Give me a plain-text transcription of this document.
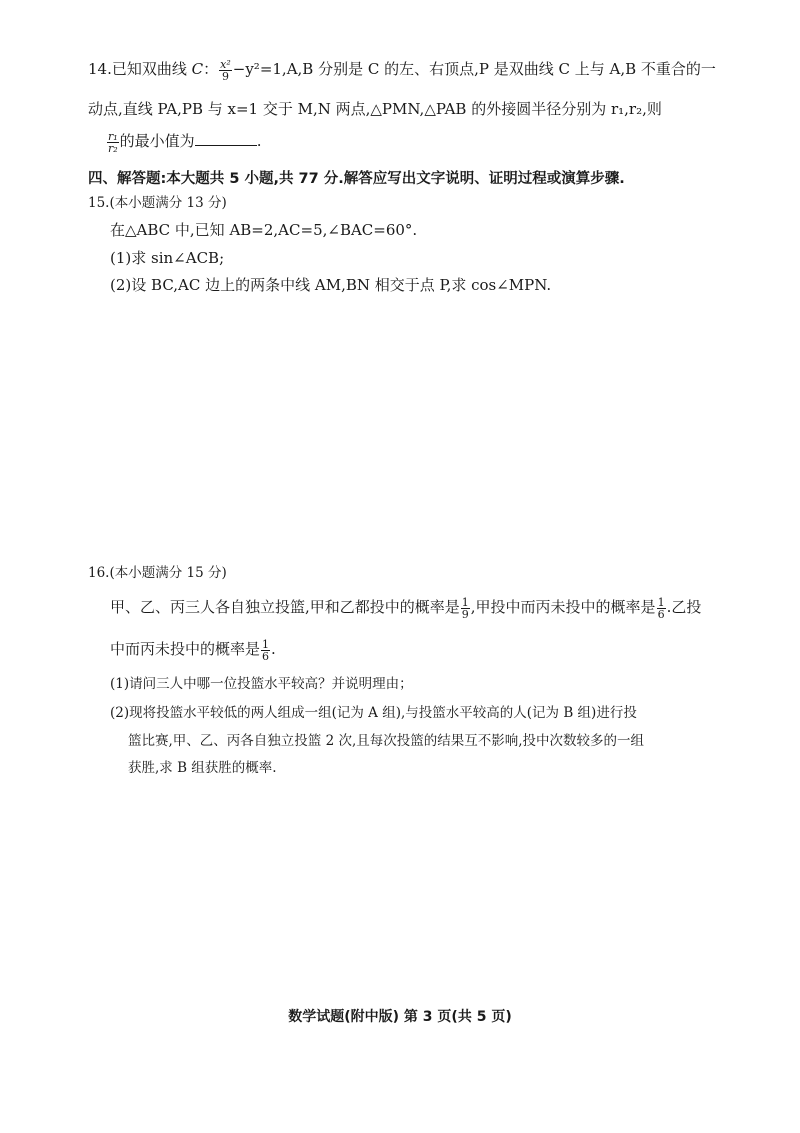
14.已知双曲线 C： $\frac{\text{x²}}{9} -y^2=1,A,B$ 分别是 C 的左、右顶点,P 是双曲线 C 上与 A,B 不重合的一
动点,直线 PA,PB 与 x=1 交于 M,N 两点,△PMN,△PAB 的外接圆半径分别为 r₁,r₂,则
$\frac{\text{r₁}}{\text{r₂}}$ 的最小值为	.
四、解答题:本大题共 5 小题,共 77 分.解答应写出文字说明、证明过程或演算步骤.
15.(本小题满分 13 分)
在△ABC 中,已知 AB=2,AC=5,∠BAC=60°.
(1)求 sin∠ACB;
(2)设 BC,AC 边上的两条中线 AM,BN 相交于点 P,求 cos∠MPN.
16.(本小题满分 15 分)
甲、乙、丙三人各自独立投篮,甲和乙都投中的概率是 $\frac{1}{9}$ ,甲投中而丙未投中的概率是 $\frac{1}{6}$ .乙投
中而丙未投中的概率是 $\frac{1}{6}$ .
(1)请问三人中哪一位投篮水平较高？并说明理由；
(2)现将投篮水平较低的两人组成一组(记为 A 组),与投篮水平较高的人(记为 B 组)进行投
篮比赛,甲、乙、丙各自独立投篮 2 次,且每次投篮的结果互不影响,投中次数较多的一组
获胜,求 B 组获胜的概率.
数学试题(附中版) 第 3 页(共 5 页)
